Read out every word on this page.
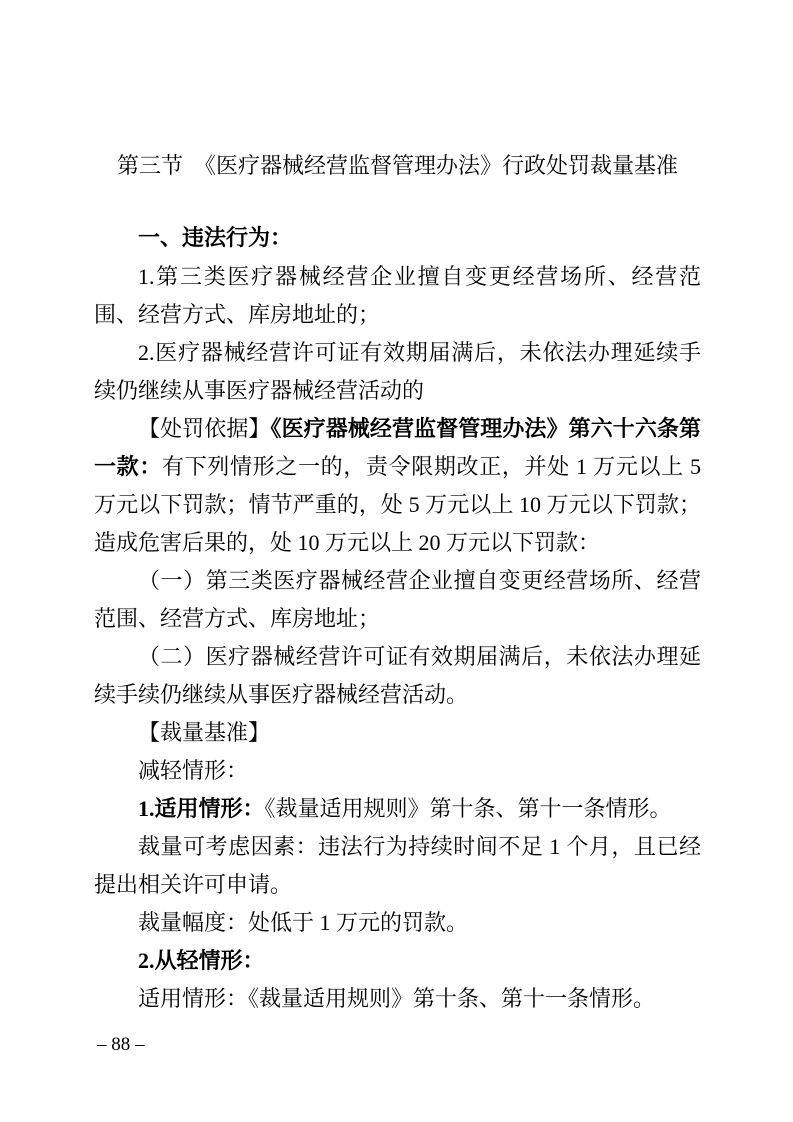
第三节　《医疗器械经营监督管理办法》行政处罚裁量基准
一、违法行为：

1.第三类医疗器械经营企业擅自变更经营场所、经营范围、经营方式、库房地址的；

2.医疗器械经营许可证有效期届满后，未依法办理延续手续仍继续从事医疗器械经营活动的

【处罚依据】《医疗器械经营监督管理办法》第六十六条第一款：有下列情形之一的，责令限期改正，并处 1 万元以上 5 万元以下罚款；情节严重的，处 5 万元以上 10 万元以下罚款；造成危害后果的，处 10 万元以上 20 万元以下罚款：

（一）第三类医疗器械经营企业擅自变更经营场所、经营范围、经营方式、库房地址；

（二）医疗器械经营许可证有效期届满后，未依法办理延续手续仍继续从事医疗器械经营活动。

【裁量基准】

减轻情形：

1.适用情形：《裁量适用规则》第十条、第十一条情形。

裁量可考虑因素：违法行为持续时间不足 1 个月，且已经提出相关许可申请。

裁量幅度：处低于 1 万元的罚款。

2.从轻情形：

适用情形：《裁量适用规则》第十条、第十一条情形。

– 88 –
